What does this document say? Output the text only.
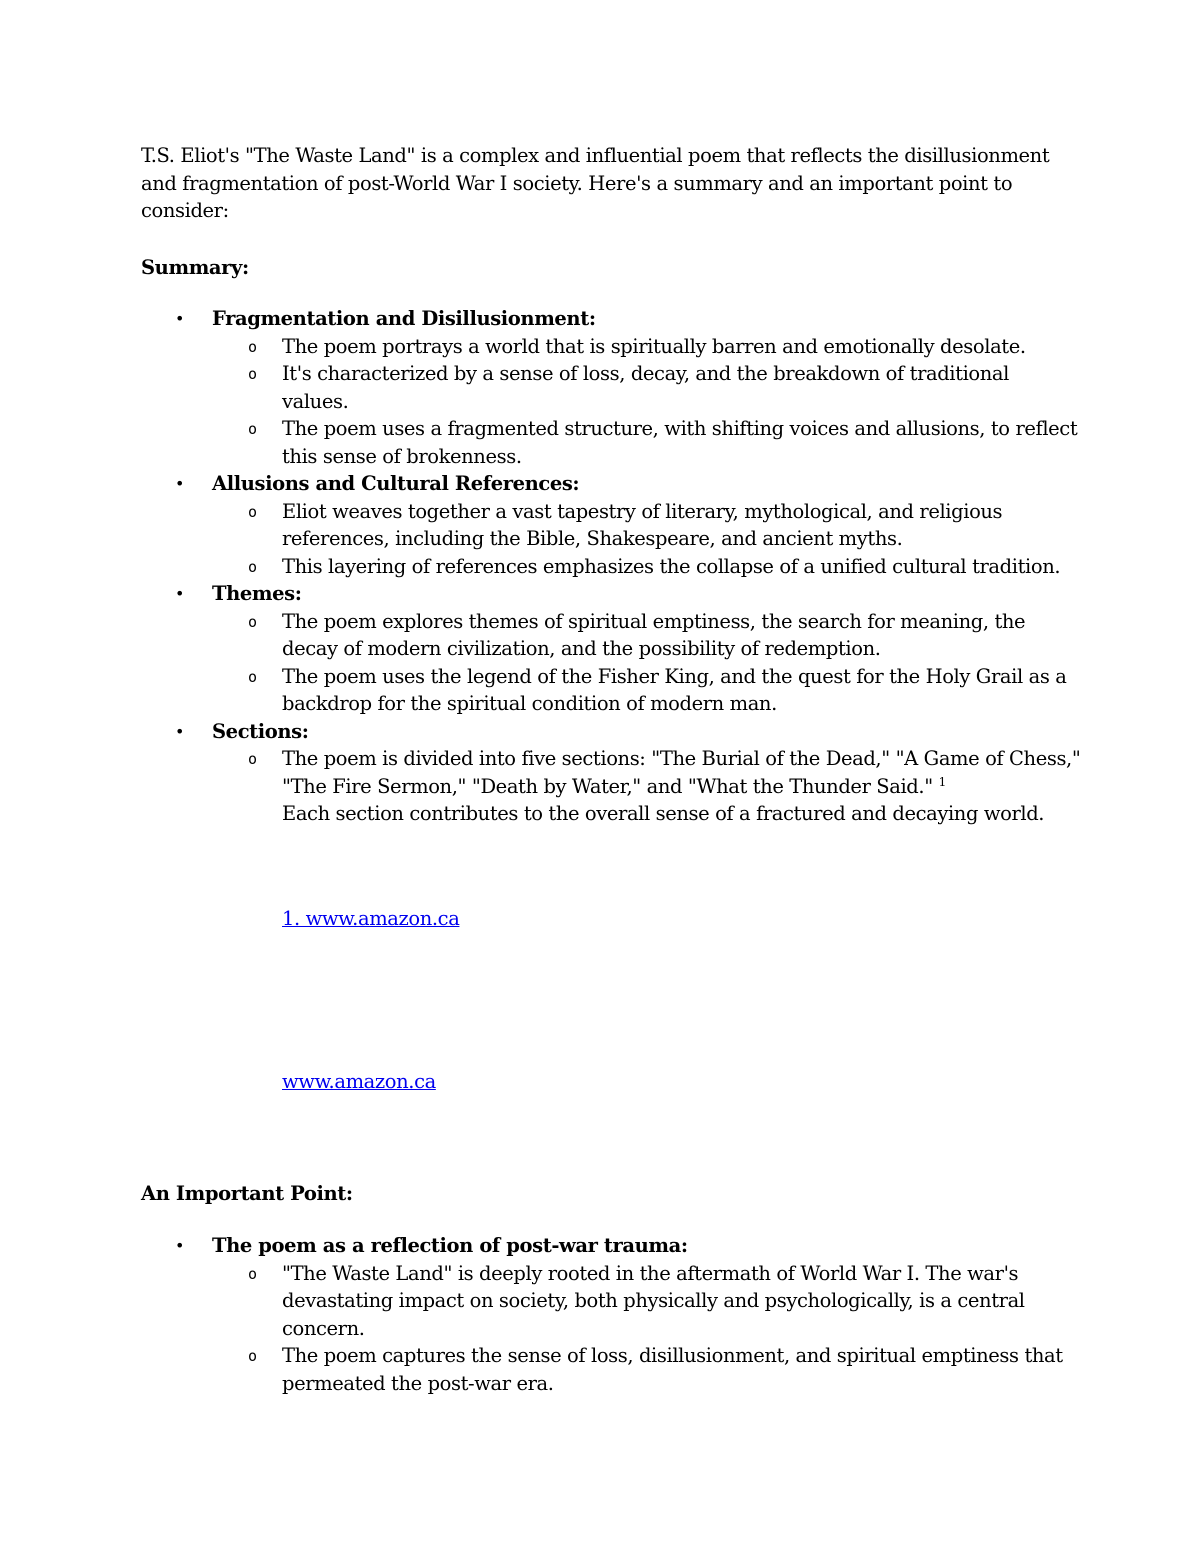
T.S. Eliot's "The Waste Land" is a complex and influential poem that reflects the disillusionment and fragmentation of post-World War I society. Here's a summary and an important point to consider:
Summary:
• Fragmentation and Disillusionment:
o	The poem portrays a world that is spiritually barren and emotionally desolate.
o	It's characterized by a sense of loss, decay, and the breakdown of traditional values.
o	The poem uses a fragmented structure, with shifting voices and allusions, to reflect this sense of brokenness.
• Allusions and Cultural References:
o	Eliot weaves together a vast tapestry of literary, mythological, and religious references, including the Bible, Shakespeare, and ancient myths.
o	This layering of references emphasizes the collapse of a unified cultural tradition.
• Themes:
o	The poem explores themes of spiritual emptiness, the search for meaning, the decay of modern civilization, and the possibility of redemption.
o	The poem uses the legend of the Fisher King, and the quest for the Holy Grail as a backdrop for the spiritual condition of modern man.
• Sections:
o	The poem is divided into five sections: "The Burial of the Dead," "A Game of Chess," "The Fire Sermon," "Death by Water," and "What the Thunder Said." $^1$
Each section contributes to the overall sense of a fractured and decaying world.
1. www.amazon.ca
www.amazon.ca
An Important Point:
• The poem as a reflection of post-war trauma:
o	"The Waste Land" is deeply rooted in the aftermath of World War I. The war's devastating impact on society, both physically and psychologically, is a central concern.
o	The poem captures the sense of loss, disillusionment, and spiritual emptiness that permeated the post-war era.
